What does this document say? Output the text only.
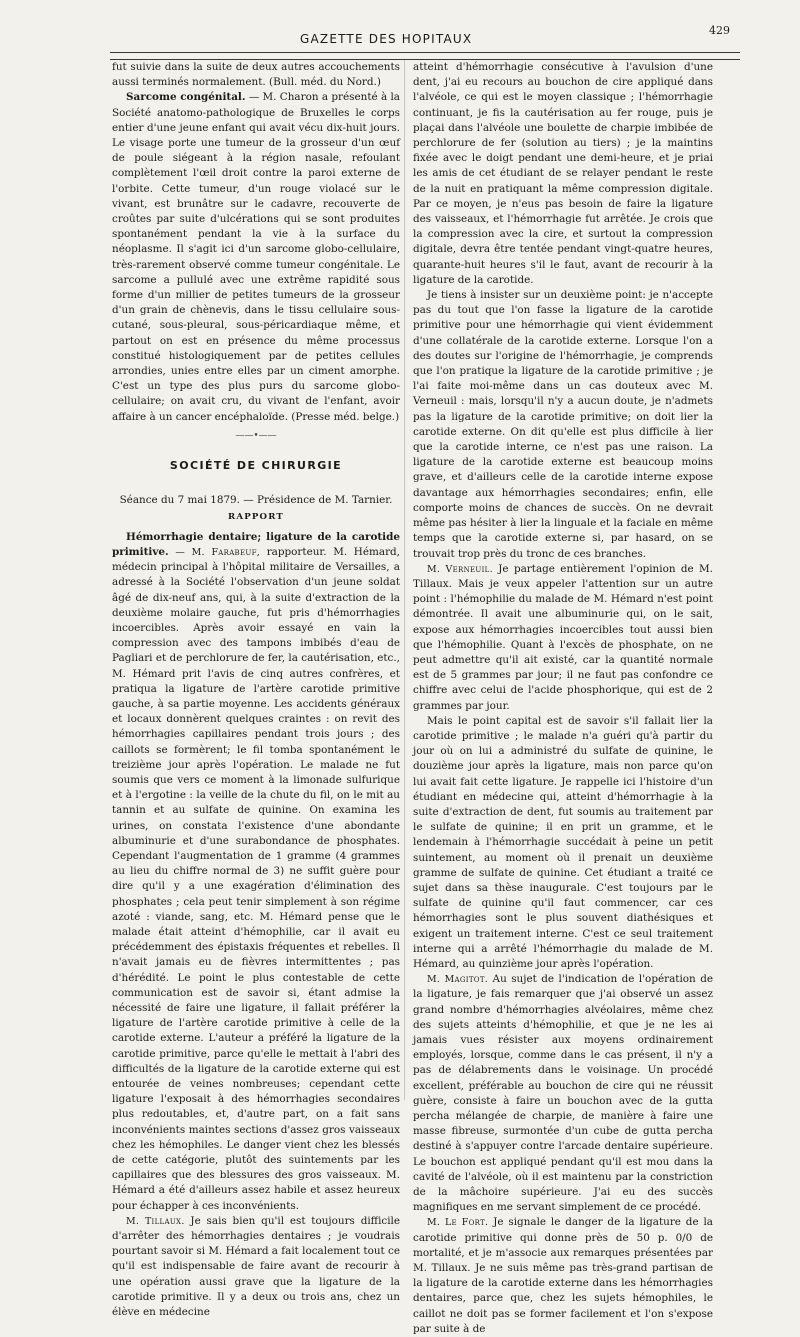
GAZETTE DES HOPITAUX
429

fut suivie dans la suite de deux autres accouchements aussi terminés normalement. (Bull. méd. du Nord.)

Sarcome congénital. — M. Charon a présenté à la Société anatomo-pathologique de Bruxelles le corps entier d'une jeune enfant qui avait vécu dix-huit jours. Le visage porte une tumeur de la grosseur d'un œuf de poule siégeant à la région nasale, refoulant complètement l'œil droit contre la paroi externe de l'orbite. Cette tumeur, d'un rouge violacé sur le vivant, est brunâtre sur le cadavre, recouverte de croûtes par suite d'ulcérations qui se sont produites spontanément pendant la vie à la surface du néoplasme. Il s'agit ici d'un sarcome globo-cellulaire, très-rarement observé comme tumeur congénitale. Le sarcome a pullulé avec une extrême rapidité sous forme d'un millier de petites tumeurs de la grosseur d'un grain de chènevis, dans le tissu cellulaire sous-cutané, sous-pleural, sous-péricardiaque même, et partout on est en présence du même processus constitué histologiquement par de petites cellules arrondies, unies entre elles par un ciment amorphe. C'est un type des plus purs du sarcome globo-cellulaire; on avait cru, du vivant de l'enfant, avoir affaire à un cancer encéphaloïde. (Presse méd. belge.)

——•——
SOCIÉTÉ DE CHIRURGIE
Séance du 7 mai 1879. — Présidence de M. Tarnier.
RAPPORT

Hémorrhagie dentaire; ligature de la carotide primitive. — M. Farabeuf, rapporteur. M. Hémard, médecin principal à l'hôpital militaire de Versailles, a adressé à la Société l'observation d'un jeune soldat âgé de dix-neuf ans, qui, à la suite d'extraction de la deuxième molaire gauche, fut pris d'hémorrhagies incoercibles. Après avoir essayé en vain la compression avec des tampons imbibés d'eau de Pagliari et de perchlorure de fer, la cautérisation, etc., M. Hémard prit l'avis de cinq autres confrères, et pratiqua la ligature de l'artère carotide primitive gauche, à sa partie moyenne. Les accidents généraux et locaux donnèrent quelques craintes : on revit des hémorrhagies capillaires pendant trois jours ; des caillots se formèrent; le fil tomba spontanément le treizième jour après l'opération. Le malade ne fut soumis que vers ce moment à la limonade sulfurique et à l'ergotine : la veille de la chute du fil, on le mit au tannin et au sulfate de quinine. On examina les urines, on constata l'existence d'une abondante albuminurie et d'une surabondance de phosphates. Cependant l'augmentation de 1 gramme (4 grammes au lieu du chiffre normal de 3) ne suffit guère pour dire qu'il y a une exagération d'élimination des phosphates ; cela peut tenir simplement à son régime azoté : viande, sang, etc. M. Hémard pense que le malade était atteint d'hémophilie, car il avait eu précédemment des épistaxis fréquentes et rebelles. Il n'avait jamais eu de fièvres intermittentes ; pas d'hérédité. Le point le plus contestable de cette communication est de savoir si, étant admise la nécessité de faire une ligature, il fallait préférer la ligature de l'artère carotide primitive à celle de la carotide externe. L'auteur a préféré la ligature de la carotide primitive, parce qu'elle le mettait à l'abri des difficultés de la ligature de la carotide externe qui est entourée de veines nombreuses; cependant cette ligature l'exposait à des hémorrhagies secondaires plus redoutables, et, d'autre part, on a fait sans inconvénients maintes sections d'assez gros vaisseaux chez les hémophiles. Le danger vient chez les blessés de cette catégorie, plutôt des suintements par les capillaires que des blessures des gros vaisseaux. M. Hémard a été d'ailleurs assez habile et assez heureux pour échapper à ces inconvénients.

M. Tillaux. Je sais bien qu'il est toujours difficile d'arrêter des hémorrhagies dentaires ; je voudrais pourtant savoir si M. Hémard a fait localement tout ce qu'il est indispensable de faire avant de recourir à une opération aussi grave que la ligature de la carotide primitive. Il y a deux ou trois ans, chez un élève en médecine

atteint d'hémorrhagie consécutive à l'avulsion d'une dent, j'ai eu recours au bouchon de cire appliqué dans l'alvéole, ce qui est le moyen classique ; l'hémorrhagie continuant, je fis la cautérisation au fer rouge, puis je plaçai dans l'alvéole une boulette de charpie imbibée de perchlorure de fer (solution au tiers) ; je la maintins fixée avec le doigt pendant une demi-heure, et je priai les amis de cet étudiant de se relayer pendant le reste de la nuit en pratiquant la même compression digitale. Par ce moyen, je n'eus pas besoin de faire la ligature des vaisseaux, et l'hémorrhagie fut arrêtée. Je crois que la compression avec la cire, et surtout la compression digitale, devra être tentée pendant vingt-quatre heures, quarante-huit heures s'il le faut, avant de recourir à la ligature de la carotide.

Je tiens à insister sur un deuxième point: je n'accepte pas du tout que l'on fasse la ligature de la carotide primitive pour une hémorrhagie qui vient évidemment d'une collatérale de la carotide externe. Lorsque l'on a des doutes sur l'origine de l'hémorrhagie, je comprends que l'on pratique la ligature de la carotide primitive ; je l'ai faite moi-même dans un cas douteux avec M. Verneuil : mais, lorsqu'il n'y a aucun doute, je n'admets pas la ligature de la carotide primitive; on doit lier la carotide externe. On dit qu'elle est plus difficile à lier que la carotide interne, ce n'est pas une raison. La ligature de la carotide externe est beaucoup moins grave, et d'ailleurs celle de la carotide interne expose davantage aux hémorrhagies secondaires; enfin, elle comporte moins de chances de succès. On ne devrait même pas hésiter à lier la linguale et la faciale en même temps que la carotide externe si, par hasard, on se trouvait trop près du tronc de ces branches.

M. Verneuil. Je partage entièrement l'opinion de M. Tillaux. Mais je veux appeler l'attention sur un autre point : l'hémophilie du malade de M. Hémard n'est point démontrée. Il avait une albuminurie qui, on le sait, expose aux hémorrhagies incoercibles tout aussi bien que l'hémophilie. Quant à l'excès de phosphate, on ne peut admettre qu'il ait existé, car la quantité normale est de 5 grammes par jour; il ne faut pas confondre ce chiffre avec celui de l'acide phosphorique, qui est de 2 grammes par jour.

Mais le point capital est de savoir s'il fallait lier la carotide primitive ; le malade n'a guéri qu'à partir du jour où on lui a administré du sulfate de quinine, le douzième jour après la ligature, mais non parce qu'on lui avait fait cette ligature. Je rappelle ici l'histoire d'un étudiant en médecine qui, atteint d'hémorrhagie à la suite d'extraction de dent, fut soumis au traitement par le sulfate de quinine; il en prit un gramme, et le lendemain à l'hémorrhagie succédait à peine un petit suintement, au moment où il prenait un deuxième gramme de sulfate de quinine. Cet étudiant a traité ce sujet dans sa thèse inaugurale. C'est toujours par le sulfate de quinine qu'il faut commencer, car ces hémorrhagies sont le plus souvent diathésiques et exigent un traitement interne. C'est ce seul traitement interne qui a arrêté l'hémorrhagie du malade de M. Hémard, au quinzième jour après l'opération.

M. Magitot. Au sujet de l'indication de l'opération de la ligature, je fais remarquer que j'ai observé un assez grand nombre d'hémorrhagies alvéolaires, même chez des sujets atteints d'hémophilie, et que je ne les ai jamais vues résister aux moyens ordinairement employés, lorsque, comme dans le cas présent, il n'y a pas de délabrements dans le voisinage. Un procédé excellent, préférable au bouchon de cire qui ne réussit guère, consiste à faire un bouchon avec de la gutta percha mélangée de charpie, de manière à faire une masse fibreuse, surmontée d'un cube de gutta percha destiné à s'appuyer contre l'arcade dentaire supérieure. Le bouchon est appliqué pendant qu'il est mou dans la cavité de l'alvéole, où il est maintenu par la constriction de la mâchoire supérieure. J'ai eu des succès magnifiques en me servant simplement de ce procédé.

M. Le Fort. Je signale le danger de la ligature de la carotide primitive qui donne près de 50 p. 0/0 de mortalité, et je m'associe aux remarques présentées par M. Tillaux. Je ne suis même pas très-grand partisan de la ligature de la carotide externe dans les hémorrhagies dentaires, parce que, chez les sujets hémophiles, le caillot ne doit pas se former facilement et l'on s'expose par suite à de
